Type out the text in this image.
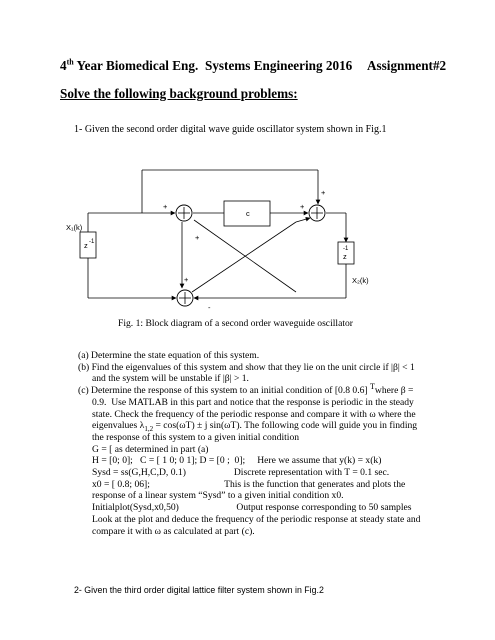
4th Year Biomedical Eng. Systems Engineering 2016 Assignment#2
Solve the following background problems:
1- Given the second order digital wave guide oscillator system shown in Fig.1
X₁(k)
X₂(k)
c
z -1
-1
z
+
+
+
+
+
-
Fig. 1: Block diagram of a second order waveguide oscillator

(a) Determine the state equation of this system.

(b) Find the eigenvalues of this system and show that they lie on the unit circle if |β| < 1

and the system will be unstable if |β| > 1.

(c) Determine the response of this system to an initial condition of [0.8 0.6] $^T$where β =

0.9.  Use MATLAB in this part and notice that the response is periodic in the steady

state. Check the frequency of the periodic response and compare it with ω where the

eigenvalues $\lambda_{1,2} = \cos(\omega T) \pm j$ sin(ωT). The following code will guide you in finding

the response of this system to a given initial condition

G = [ as determined in part (a)

H = [0; 0];   C = [ 1 0; 0 1]; D = [0 ;  0];     Here we assume that y(k) = x(k)

Sysd = ss(G,H,C,D, 0.1)                    Discrete representation with T = 0.1 sec.

x0 = [ 0.8; 06];                               This is the function that generates and plots the

response of a linear system “Sysd” to a given initial condition x0.

Initialplot(Sysd,x0,50)                        Output response corresponding to 50 samples

Look at the plot and deduce the frequency of the periodic response at steady state and

compare it with ω as calculated at part (c).

2- Given the third order digital lattice filter system shown in Fig.2
